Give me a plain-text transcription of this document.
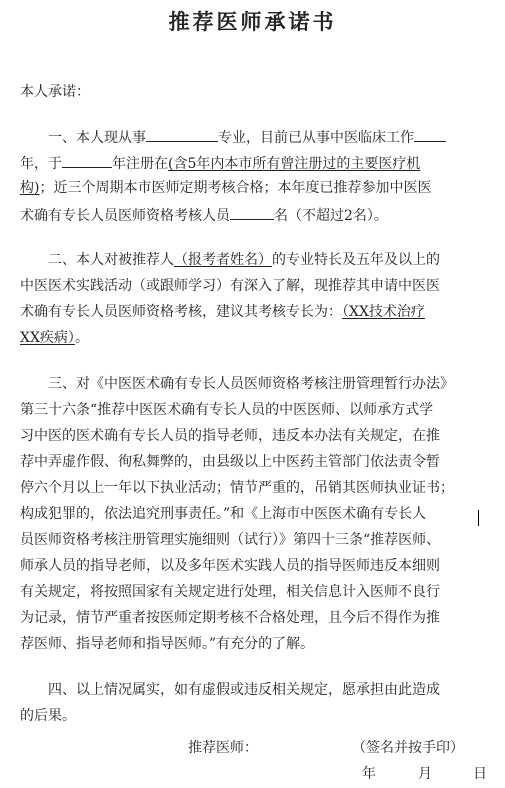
推荐医师承诺书
本人承诺：
一、本人现从事	专业，目前已从事中医临床工作
年，于	年注册在(含5年内本市所有曾注册过的主要医疗机
构)；近三个周期本市医师定期考核合格；本年度已推荐参加中医医
术确有专长人员医师资格考核人员	名（不超过2名）。
二、本人对被推荐人（报考者姓名）的专业特长及五年及以上的
中医医术实践活动（或跟师学习）有深入了解，现推荐其申请中医医
术确有专长人员医师资格考核，建议其考核专长为：（XX技术治疗
XX疾病）。
三、对《中医医术确有专长人员医师资格考核注册管理暂行办法》
第三十六条“推荐中医医术确有专长人员的中医医师、以师承方式学
习中医的医术确有专长人员的指导老师，违反本办法有关规定，在推
荐中弄虚作假、徇私舞弊的，由县级以上中医药主管部门依法责令暂
停六个月以上一年以下执业活动；情节严重的，吊销其医师执业证书；
构成犯罪的，依法追究刑事责任。”和《上海市中医医术确有专长人
员医师资格考核注册管理实施细则（试行）》第四十三条“推荐医师、
师承人员的指导老师，以及多年医术实践人员的指导医师违反本细则
有关规定，将按照国家有关规定进行处理，相关信息计入医师不良行
为记录，情节严重者按医师定期考核不合格处理，且今后不得作为推
荐医师、指导老师和指导医师。”有充分的了解。
四、以上情况属实，如有虚假或违反相关规定，愿承担由此造成
的后果。
推荐医师：	（签名并按手印）
年	月	日
